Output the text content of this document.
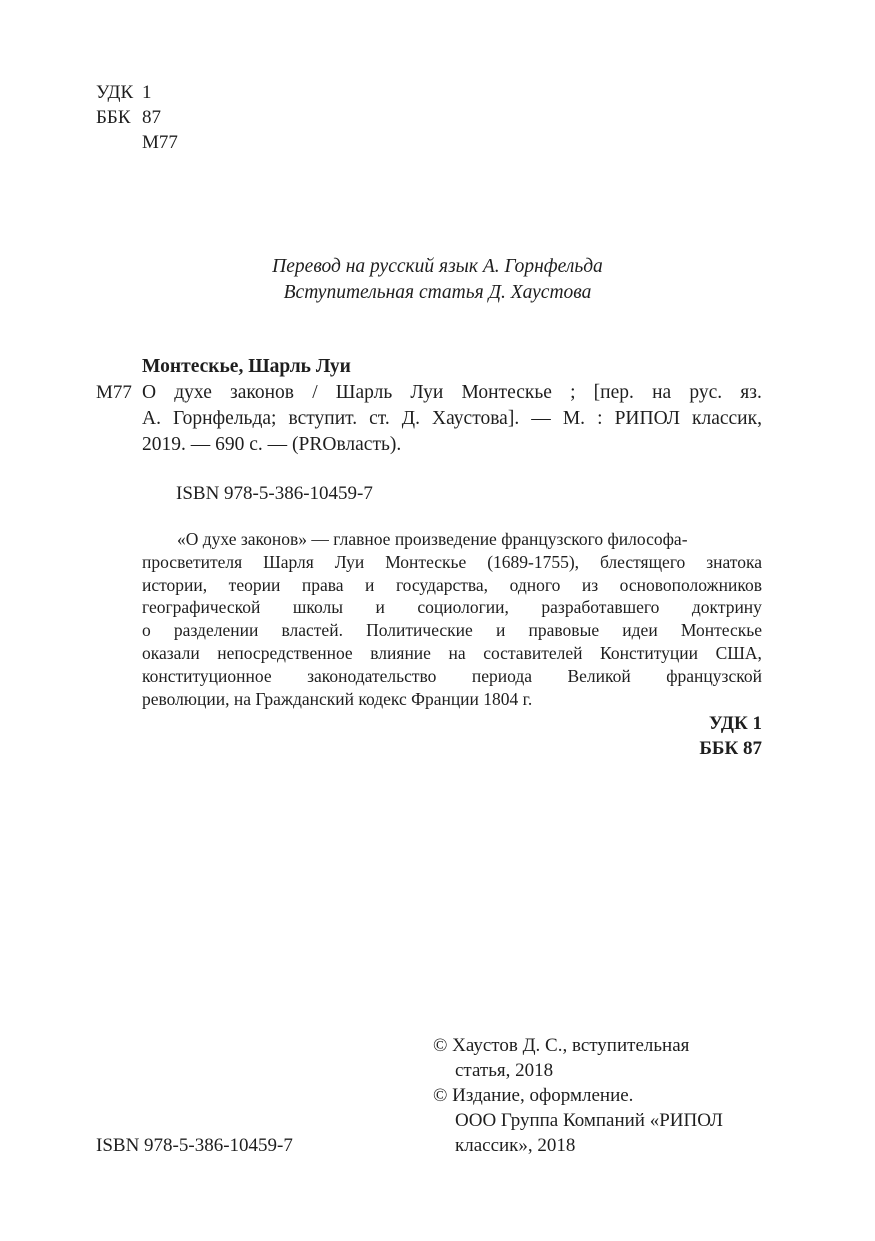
УДК 1
ББК 87
М77
Перевод на русский язык А. Горнфельда
Вступительная статья Д. Хаустова
Монтескье, Шарль Луи
М77 О духе законов / Шарль Луи Монтескье ; [пер. на рус. яз.
А. Горнфельда; вступит. ст. Д. Хаустова]. — М. : РИПОЛ классик,
2019. — 690 с. — (PROвласть).
ISBN 978-5-386-10459-7
«О духе законов» — главное произведение французского философа-
просветителя Шарля Луи Монтескье (1689-1755), блестящего знатока
истории, теории права и государства, одного из основоположников
географической школы и социологии, разработавшего доктрину
о разделении властей. Политические и правовые идеи Монтескье
оказали непосредственное влияние на составителей Конституции США,
конституционное законодательство периода Великой французской
революции, на Гражданский кодекс Франции 1804 г.
УДК 1
ББК 87
© Хаустов Д. С., вступительная
статья, 2018
© Издание, оформление.
ООО Группа Компаний «РИПОЛ
классик», 2018
ISBN 978-5-386-10459-7
